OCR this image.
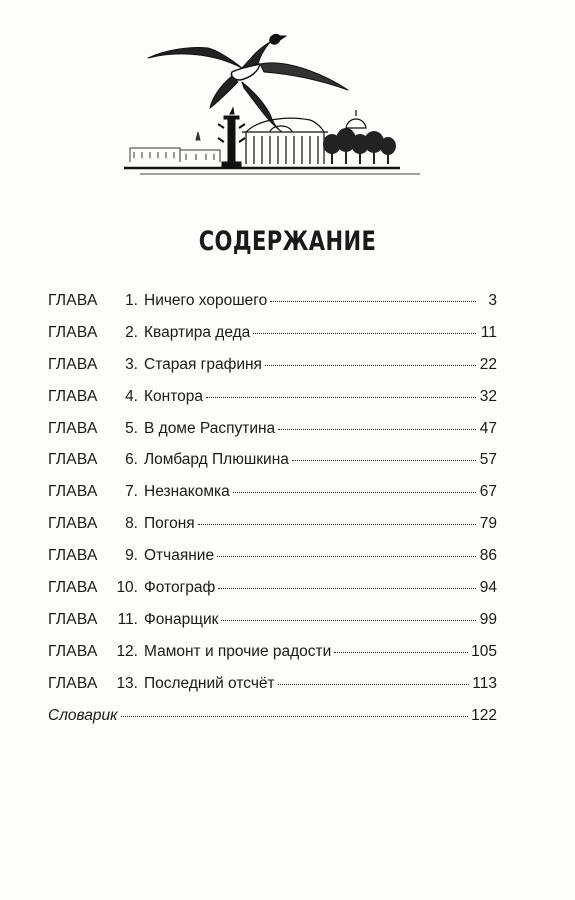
СОДЕРЖАНИЕ
ГЛАВА	1. Ничего хорошего	3
ГЛАВА	2. Квартира деда	11
ГЛАВА	3. Старая графиня	22
ГЛАВА	4. Контора	32
ГЛАВА	5. В доме Распутина	47
ГЛАВА	6. Ломбард Плюшкина	57
ГЛАВА	7. Незнакомка	67
ГЛАВА	8. Погоня	79
ГЛАВА	9. Отчаяние	86
ГЛАВА	10. Фотограф	94
ГЛАВА	11. Фонарщик	99
ГЛАВА	12. Мамонт и прочие радости	105
ГЛАВА	13. Последний отсчёт	113
Словарик	122
